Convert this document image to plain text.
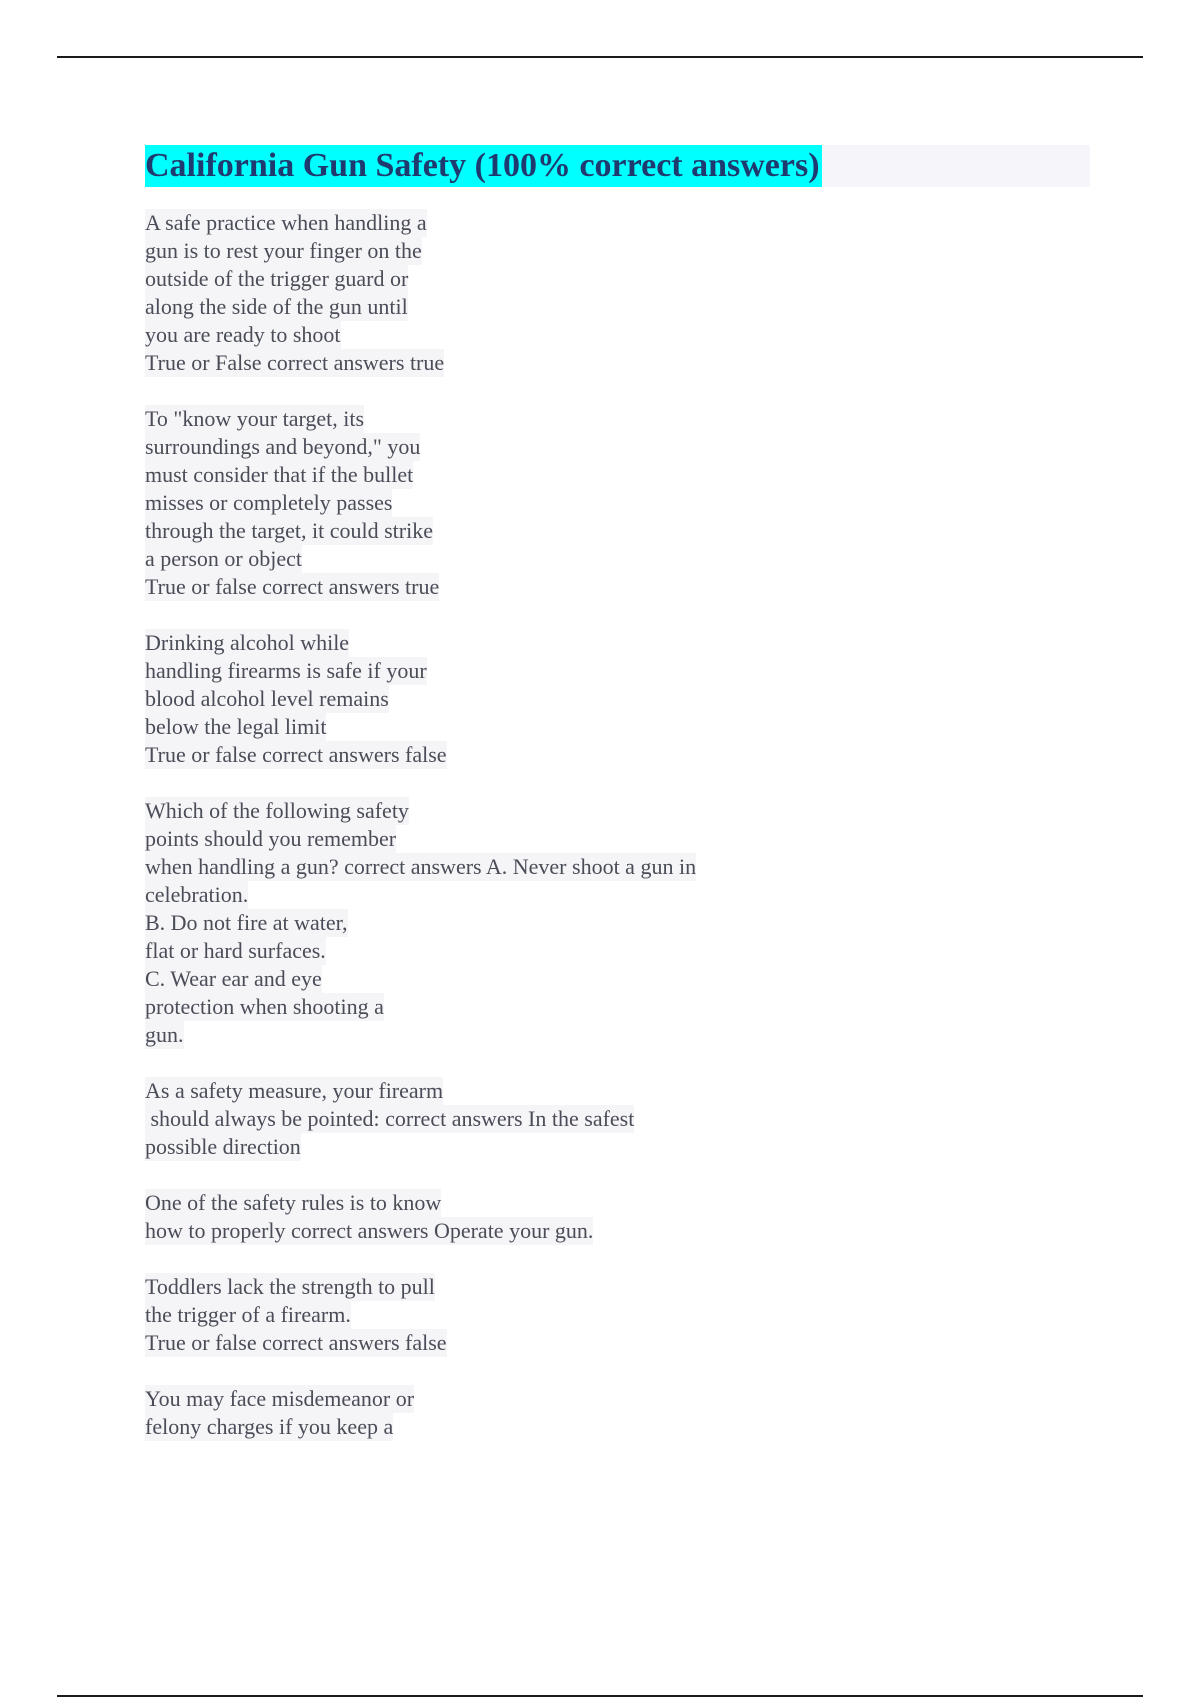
California Gun Safety (100% correct answers)
A safe practice when handling a
gun is to rest your finger on the
outside of the trigger guard or
along the side of the gun until
you are ready to shoot
True or False correct answers true
To "know your target, its
surroundings and beyond," you
must consider that if the bullet
misses or completely passes
through the target, it could strike
a person or object
True or false correct answers true
Drinking alcohol while
handling firearms is safe if your
blood alcohol level remains
below the legal limit
True or false correct answers false
Which of the following safety
points should you remember
when handling a gun? correct answers A. Never shoot a gun in
celebration.
B. Do not fire at water,
flat or hard surfaces.
C. Wear ear and eye
protection when shooting a
gun.
As a safety measure, your firearm
should always be pointed: correct answers In the safest
possible direction
One of the safety rules is to know
how to properly correct answers Operate your gun.
Toddlers lack the strength to pull
the trigger of a firearm.
True or false correct answers false
You may face misdemeanor or
felony charges if you keep a
